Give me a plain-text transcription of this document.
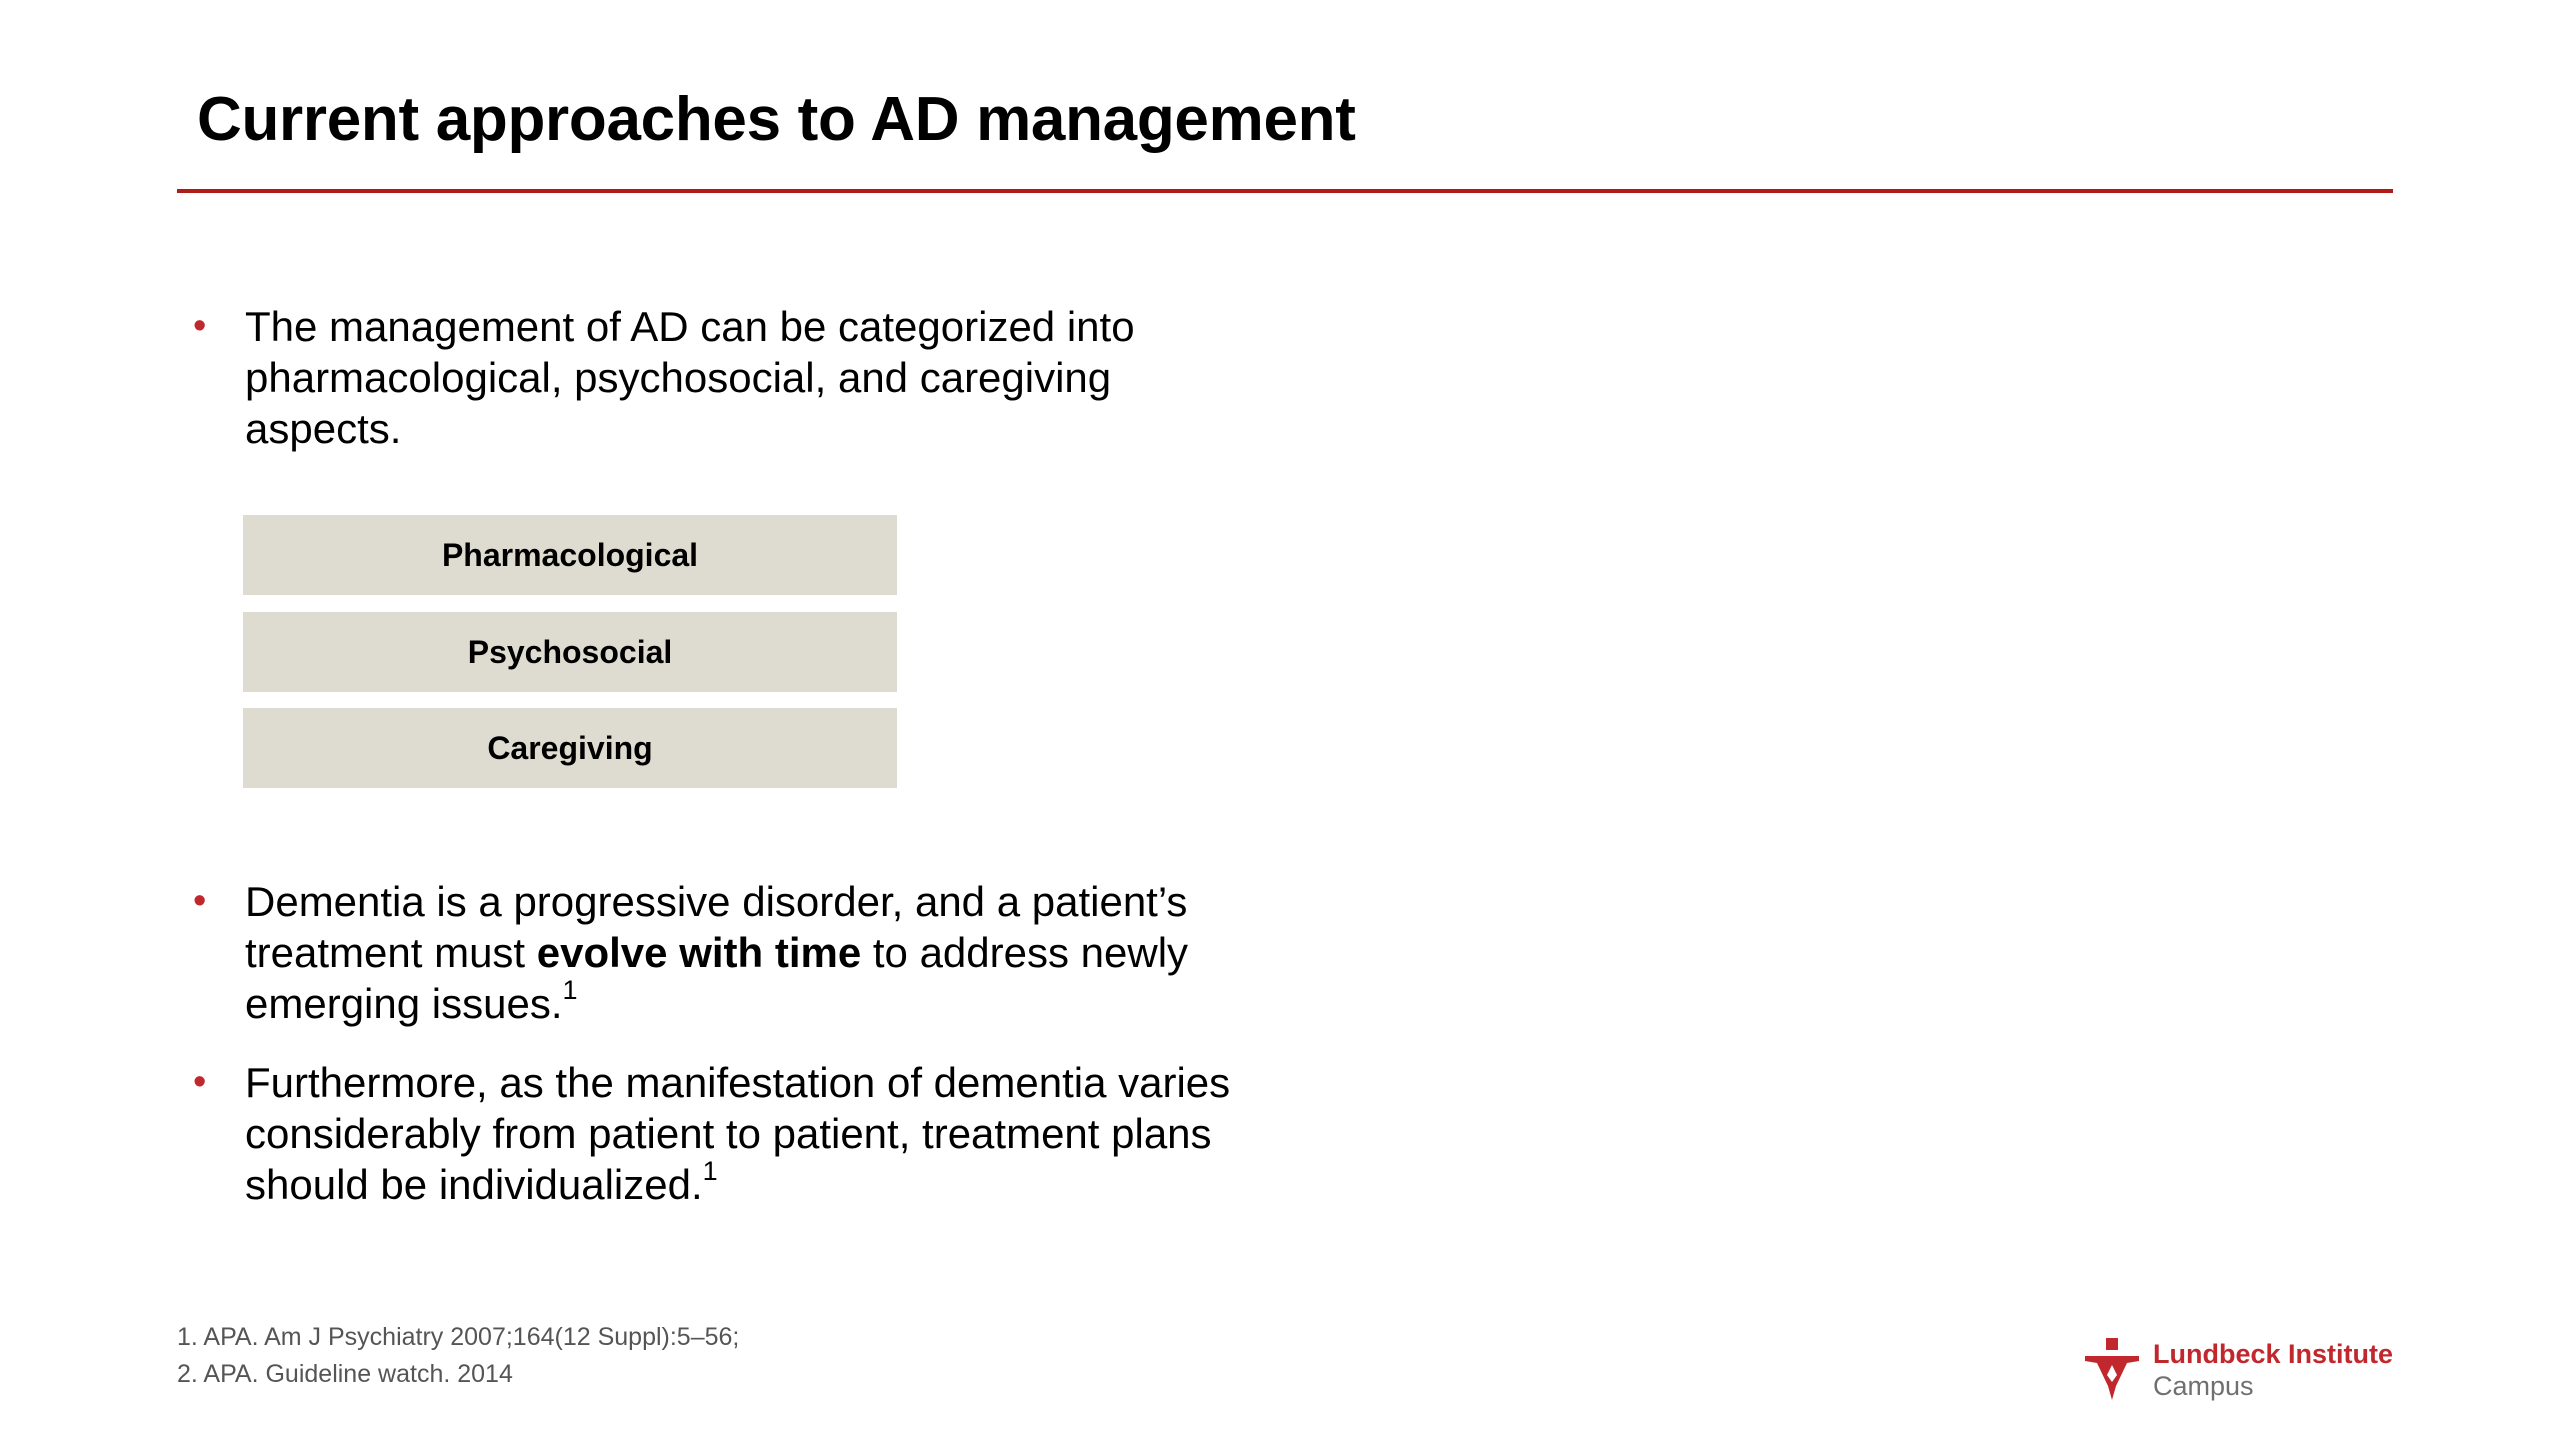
Current approaches to AD management
• The management of AD can be categorized into
pharmacological, psychosocial, and caregiving
aspects.
Pharmacological
Psychosocial
Caregiving
• Dementia is a progressive disorder, and a patient’s
treatment must evolve with time to address newly
emerging issues.$^1$
• Furthermore, as the manifestation of dementia varies
considerably from patient to patient, treatment plans
should be individualized.$^1$
1. APA. Am J Psychiatry 2007;164(12 Suppl):5–56;
2. APA. Guideline watch. 2014
Lundbeck Institute
Campus
